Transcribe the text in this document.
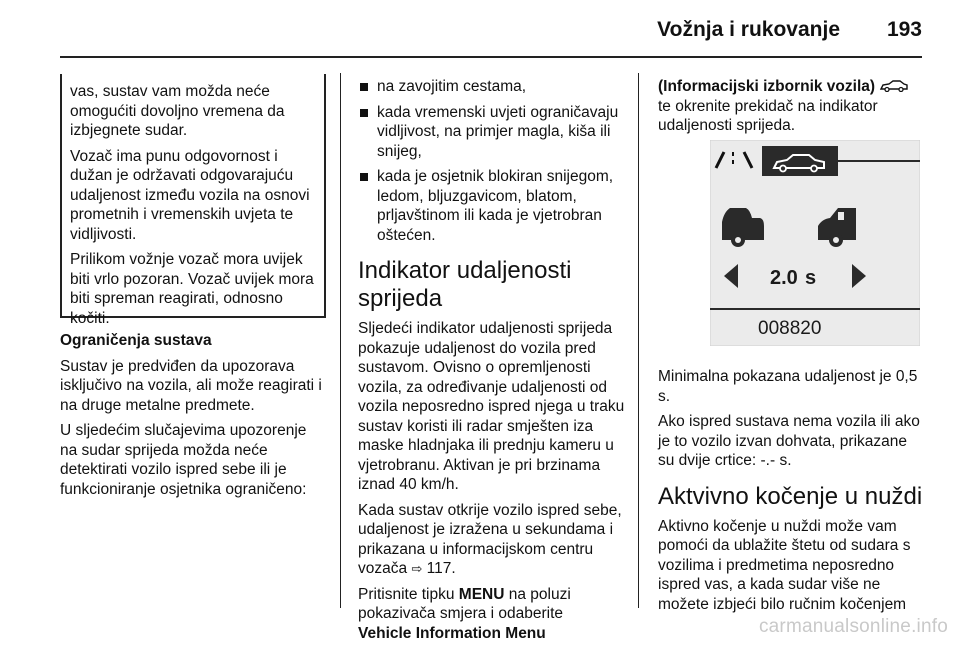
Vožnja i rukovanje	193

vas, sustav vam možda neće omogućiti dovoljno vremena da izbjegnete sudar.

Vozač ima punu odgovornost i dužan je održavati odgovarajuću udaljenost između vozila na osnovi prometnih i vremenskih uvjeta te vidljivosti.

Prilikom vožnje vozač mora uvijek biti vrlo pozoran. Vozač uvijek mora biti spreman reagirati, odnosno kočiti.

Ograničenja sustava

Sustav je predviđen da upozorava isključivo na vozila, ali može reagirati i na druge metalne predmete.

U sljedećim slučajevima upozorenje na sudar sprijeda možda neće detektirati vozilo ispred sebe ili je funkcioniranje osjetnika ograničeno:

na zavojitim cestama,
kada vremenski uvjeti ograničavaju vidljivost, na primjer magla, kiša ili snijeg,
kada je osjetnik blokiran snijegom, ledom, bljuzgavicom, blatom, prljavštinom ili kada je vjetrobran oštećen.
Indikator udaljenosti sprijeda

Sljedeći indikator udaljenosti sprijeda pokazuje udaljenost do vozila pred sustavom. Ovisno o opremljenosti vozila, za određivanje udaljenosti od vozila neposredno ispred njega u traku sustav koristi ili radar smješten iza maske hladnjaka ili prednju kameru u vjetrobranu. Aktivan je pri brzinama iznad 40 km/h.

Kada sustav otkrije vozilo ispred sebe, udaljenost je izražena u sekundama i prikazana u informacijskom centru vozača ⇨ 117.

Pritisnite tipku MENU na poluzi pokazivača smjera i odaberite
Vehicle Information Menu

(Informacijski izbornik vozila)  te okrenite prekidač na indikator udaljenosti sprijeda.

2.0 s
008820

Minimalna pokazana udaljenost je 0,5 s.

Ako ispred sustava nema vozila ili ako je to vozilo izvan dohvata, prikazane su dvije crtice: -.- s.

Aktvivno kočenje u nuždi

Aktivno kočenje u nuždi može vam pomoći da ublažite štetu od sudara s vozilima i predmetima neposredno ispred vas, a kada sudar više ne možete izbjeći bilo ručnim kočenjem

carmanualsonline.info
